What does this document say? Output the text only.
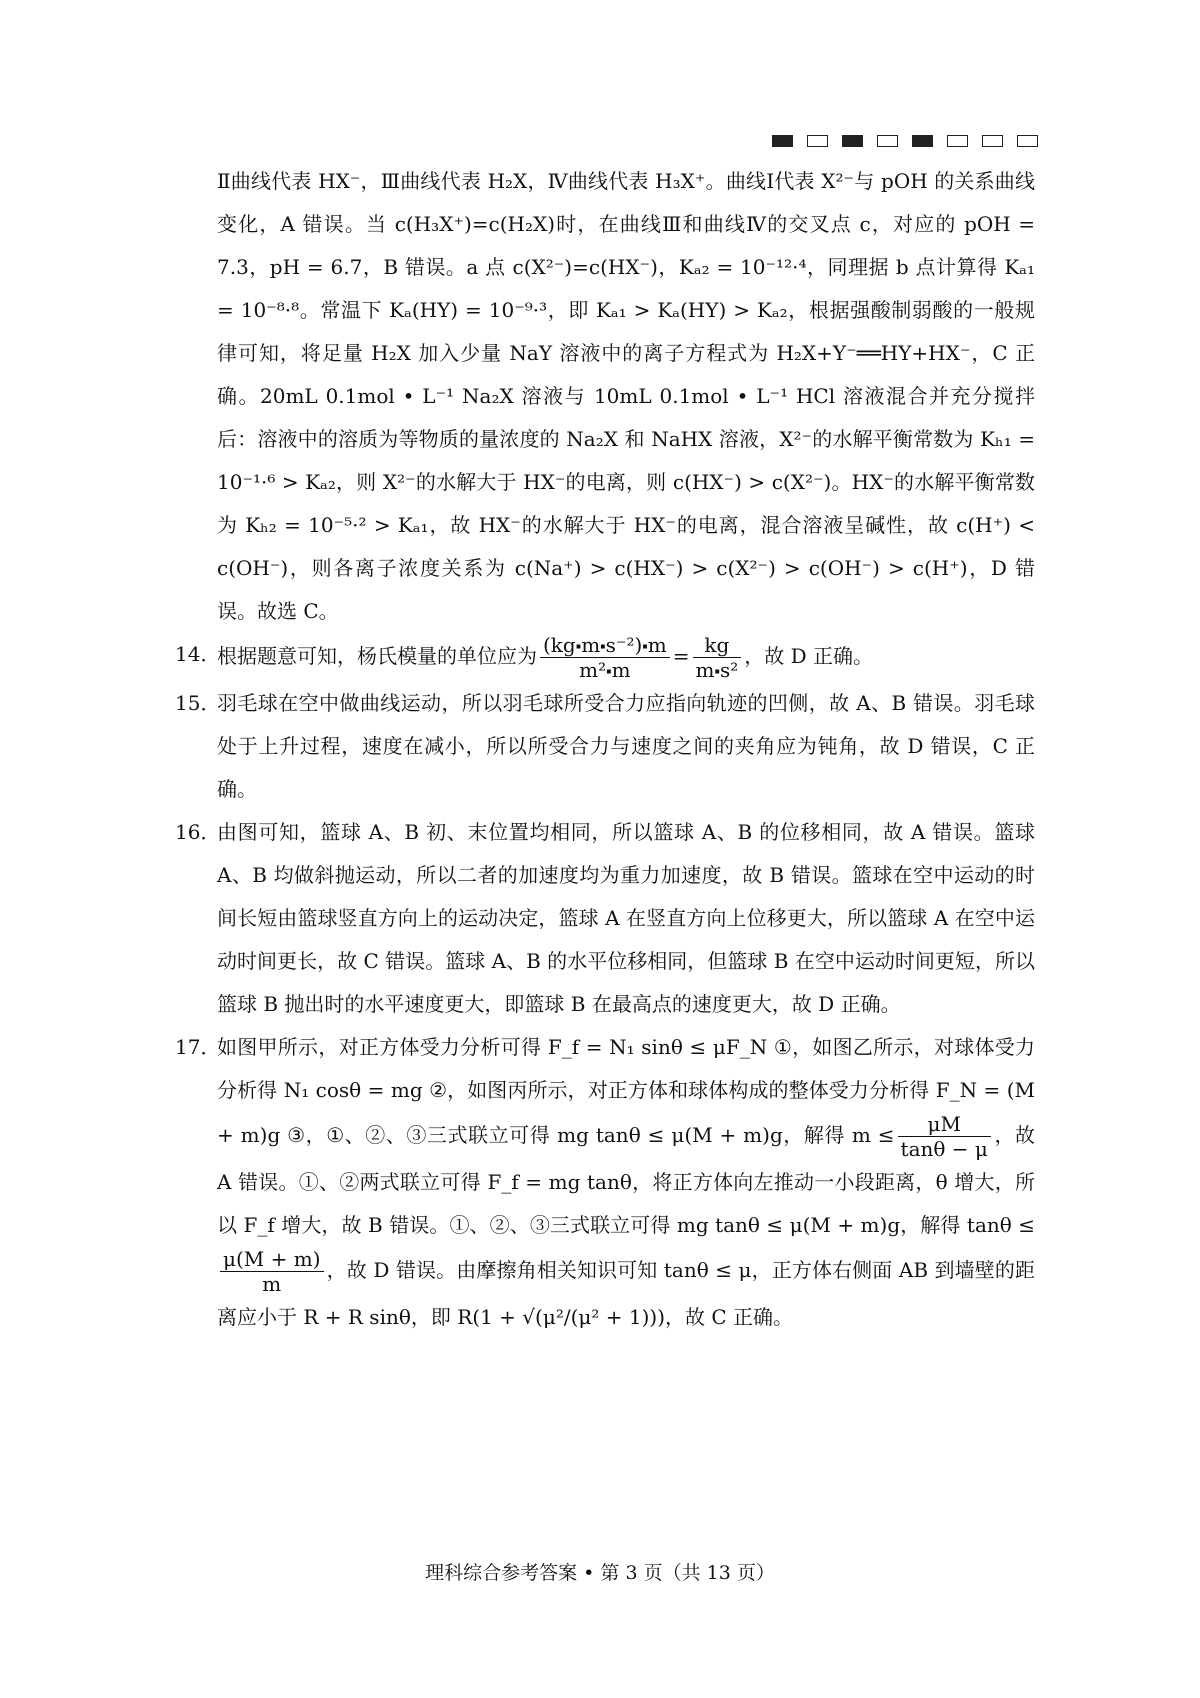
Ⅱ曲线代表 HX⁻，Ⅲ曲线代表 H₂X，Ⅳ曲线代表 H₃X⁺。曲线Ⅰ代表 X²⁻与 pOH 的关系曲线变化，A 错误。当 c(H₃X⁺)=c(H₂X)时，在曲线Ⅲ和曲线Ⅳ的交叉点 c，对应的 pOH = 7.3，pH = 6.7，B 错误。a 点 c(X²⁻)=c(HX⁻)，Kₐ₂ = 10⁻¹²·⁴，同理据 b 点计算得 Kₐ₁ = 10⁻⁸·⁸。常温下 Kₐ(HY) = 10⁻⁹·³，即 Kₐ₁ > Kₐ(HY) > Kₐ₂，根据强酸制弱酸的一般规律可知，将足量 H₂X 加入少量 NaY 溶液中的离子方程式为 H₂X+Y⁻══HY+HX⁻，C 正确。20mL 0.1mol • L⁻¹ Na₂X 溶液与 10mL 0.1mol • L⁻¹ HCl 溶液混合并充分搅拌后：溶液中的溶质为等物质的量浓度的 Na₂X 和 NaHX 溶液，X²⁻的水解平衡常数为 Kₕ₁ = 10⁻¹·⁶ > Kₐ₂，则 X²⁻的水解大于 HX⁻的电离，则 c(HX⁻) > c(X²⁻)。HX⁻的水解平衡常数为 Kₕ₂ = 10⁻⁵·² > Kₐ₁，故 HX⁻的水解大于 HX⁻的电离，混合溶液呈碱性，故 c(H⁺) < c(OH⁻)，则各离子浓度关系为 c(Na⁺) > c(HX⁻) > c(X²⁻) > c(OH⁻) > c(H⁺)，D 错误。故选 C。

14．
根据题意可知，杨氏模量的单位应为 $\frac{\text{(kg⬝m⬝s⁻²)⬝m}}{\text{m²⬝m}} = \frac{kg}{\text{m⬝s²}}$ ，故 D 正确。
15．
羽毛球在空中做曲线运动，所以羽毛球所受合力应指向轨迹的凹侧，故 A、B 错误。羽毛球处于上升过程，速度在减小，所以所受合力与速度之间的夹角应为钝角，故 D 错误，C 正确。
16．
由图可知，篮球 A、B 初、末位置均相同，所以篮球 A、B 的位移相同，故 A 错误。篮球 A、B 均做斜抛运动，所以二者的加速度均为重力加速度，故 B 错误。篮球在空中运动的时间长短由篮球竖直方向上的运动决定，篮球 A 在竖直方向上位移更大，所以篮球 A 在空中运动时间更长，故 C 错误。篮球 A、B 的水平位移相同，但篮球 B 在空中运动时间更短，所以篮球 B 抛出时的水平速度更大，即篮球 B 在最高点的速度更大，故 D 正确。
17．
如图甲所示，对正方体受力分析可得 F_f = N₁ sinθ ≤ μF_N ①，如图乙所示，对球体受力分析得 N₁ cosθ = mg ②，如图丙所示，对正方体和球体构成的整体受力分析得 F_N = (M + m)g ③，①、②、③三式联立可得 mg tanθ ≤ μ(M + m)g，解得 $m \le \frac{\mu M}{\tan\theta - \mu}$ ，故 A 错误。①、②两式联立可得 F_f = mg tanθ，将正方体向左推动一小段距离，θ 增大，所以 F_f 增大，故 B 错误。①、②、③三式联立可得 mg tanθ ≤ μ(M + m)g，解得 tanθ ≤
$\frac{\mu(M + m)}{m}$ ，故 D 错误。由摩擦角相关知识可知 tanθ ≤ μ，正方体右侧面 AB 到墙壁的距离应小于 R + R sinθ，即 R(1 + √(μ²/(μ² + 1)))，故 C 正确。
理科综合参考答案 • 第 3 页（共 13 页）
